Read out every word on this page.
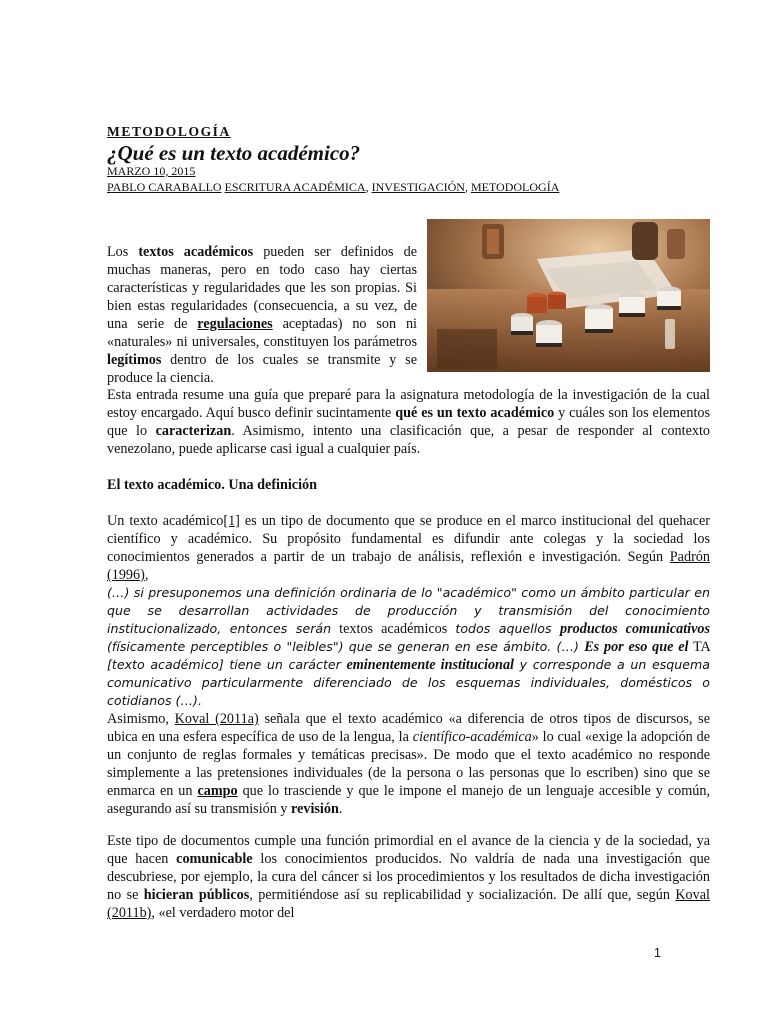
METODOLOGÍA
¿Qué es un texto académico?
MARZO 10, 2015
PABLO CARABALLO ESCRITURA ACADÉMICA, INVESTIGACIÓN, METODOLOGÍA

Los textos académicos pueden ser definidos de muchas maneras, pero en todo caso hay ciertas características y regularidades que les son propias. Si bien estas regularidades (consecuencia, a su vez, de una serie de regulaciones aceptadas) no son ni «naturales» ni universales, constituyen los parámetros legítimos dentro de los cuales se transmite y se produce la ciencia.

Esta entrada resume una guía que preparé para la asignatura metodología de la investigación de la cual estoy encargado. Aquí busco definir sucintamente qué es un texto académico y cuáles son los elementos que lo caracterizan. Asimismo, intento una clasificación que, a pesar de responder al contexto venezolano, puede aplicarse casi igual a cualquier país.

El texto académico. Una definición

Un texto académico[1] es un tipo de documento que se produce en el marco institucional del quehacer científico y académico. Su propósito fundamental es difundir ante colegas y la sociedad los conocimientos generados a partir de un trabajo de análisis, reflexión e investigación. Según Padrón (1996),

(…) si presuponemos una definición ordinaria de lo "académico" como un ámbito particular en que se desarrollan actividades de producción y transmisión del conocimiento institucionalizado, entonces serán textos académicos todos aquellos productos comunicativos (físicamente perceptibles o "leibles") que se generan en ese ámbito. (…) Es por eso que el TA [texto académico] tiene un carácter eminentemente institucional y corresponde a un esquema comunicativo particularmente diferenciado de los esquemas individuales, domésticos o cotidianos (…).

Asimismo, Koval (2011a) señala que el texto académico «a diferencia de otros tipos de discursos, se ubica en una esfera específica de uso de la lengua, la científico-académica» lo cual «exige la adopción de un conjunto de reglas formales y temáticas precisas». De modo que el texto académico no responde simplemente a las pretensiones individuales (de la persona o las personas que lo escriben) sino que se enmarca en un campo que lo trasciende y que le impone el manejo de un lenguaje accesible y común, asegurando así su transmisión y revisión.

Este tipo de documentos cumple una función primordial en el avance de la ciencia y de la sociedad, ya que hacen comunicable los conocimientos producidos. No valdría de nada una investigación que descubriese, por ejemplo, la cura del cáncer si los procedimientos y los resultados de dicha investigación no se hicieran públicos, permitiéndose así su replicabilidad y socialización. De allí que, según Koval (2011b), «el verdadero motor del

1
